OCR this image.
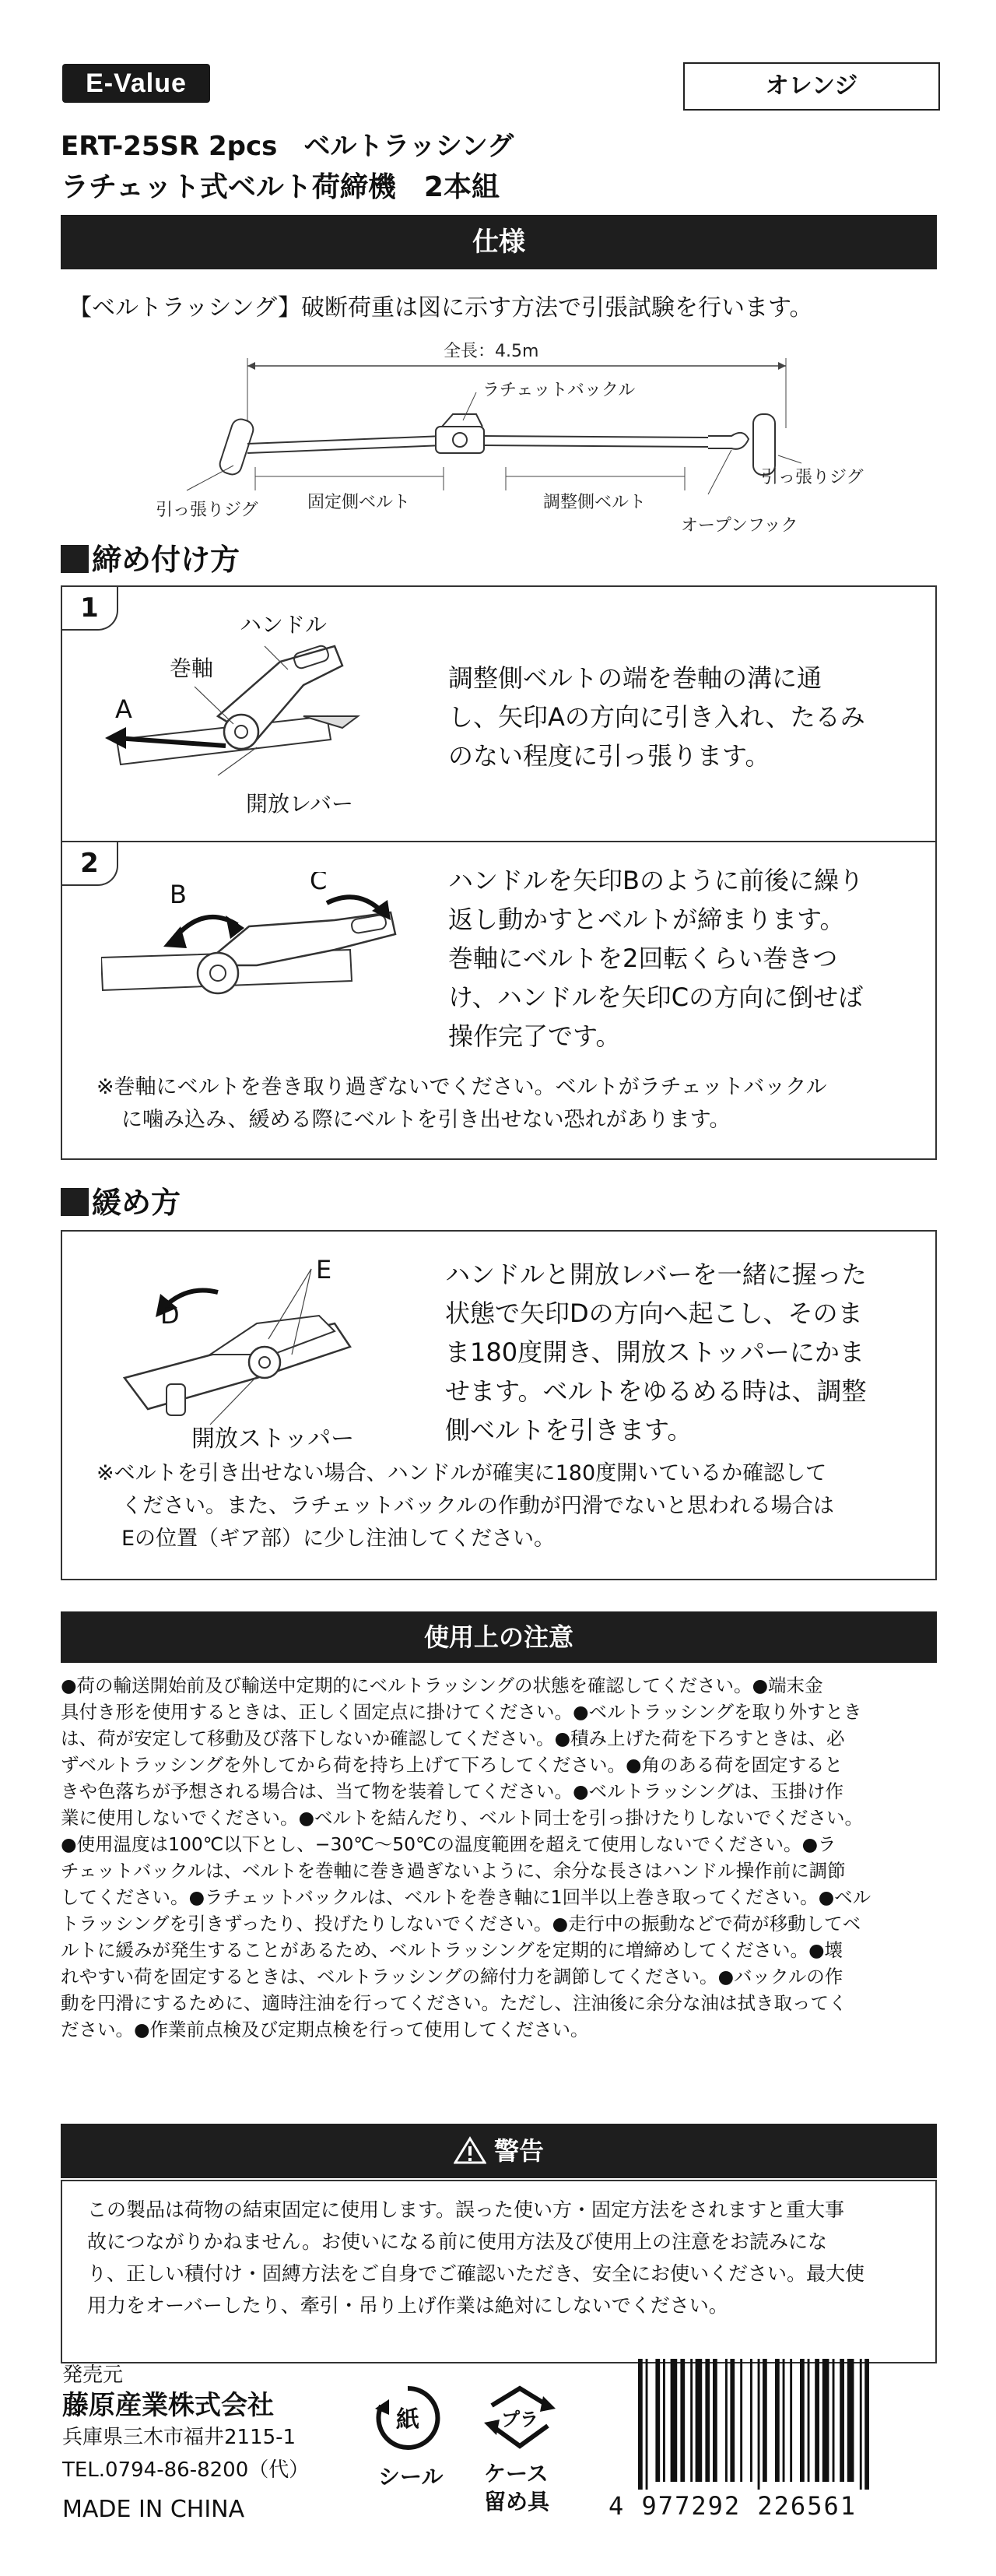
E-Value	オレンジ
ERT-25SR 2pcs　ベルトラッシング
ラチェット式ベルト荷締機　2本組
仕様
【ベルトラッシング】破断荷重は図に示す方法で引張試験を行います。
全長：4.5m
ラチェットバックル
引っ張りジグ	固定側ベルト	調整側ベルト
引っ張りジグ
オープンフック
締め付け方
1
巻軸
ハンドル
A
開放レバー
調整側ベルトの端を巻軸の溝に通
し、矢印Aの方向に引き入れ、たるみ
のない程度に引っ張ります。
2
B	C	ハンドルを矢印Bのように前後に繰り
返し動かすとベルトが締まります。
巻軸にベルトを2回転くらい巻きつ
け、ハンドルを矢印Cの方向に倒せば
操作完了です。
※巻軸にベルトを巻き取り過ぎないでください。ベルトがラチェットバックル
に噛み込み、緩める際にベルトを引き出せない恐れがあります。
緩め方
E
D
開放ストッパー
ハンドルと開放レバーを一緒に握った
状態で矢印Dの方向へ起こし、そのま
ま180度開き、開放ストッパーにかま
せます。ベルトをゆるめる時は、調整
側ベルトを引きます。
※ベルトを引き出せない場合、ハンドルが確実に180度開いているか確認して
ください。また、ラチェットバックルの作動が円滑でないと思われる場合は
Eの位置（ギア部）に少し注油してください。
使用上の注意
●荷の輸送開始前及び輸送中定期的にベルトラッシングの状態を確認してください。●端末金
具付き形を使用するときは、正しく固定点に掛けてください。●ベルトラッシングを取り外すとき
は、荷が安定して移動及び落下しないか確認してください。●積み上げた荷を下ろすときは、必
ずベルトラッシングを外してから荷を持ち上げて下ろしてください。●角のある荷を固定すると
きや色落ちが予想される場合は、当て物を装着してください。●ベルトラッシングは、玉掛け作
業に使用しないでください。●ベルトを結んだり、ベルト同士を引っ掛けたりしないでください。
●使用温度は100℃以下とし、−30℃〜50℃の温度範囲を超えて使用しないでください。●ラ
チェットバックルは、ベルトを巻軸に巻き過ぎないように、余分な長さはハンドル操作前に調節
してください。●ラチェットバックルは、ベルトを巻き軸に1回半以上巻き取ってください。●ベル
トラッシングを引きずったり、投げたりしないでください。●走行中の振動などで荷が移動してベ
ルトに緩みが発生することがあるため、ベルトラッシングを定期的に増締めしてください。●壊
れやすい荷を固定するときは、ベルトラッシングの締付力を調節してください。●バックルの作
動を円滑にするために、適時注油を行ってください。ただし、注油後に余分な油は拭き取ってく
ださい。●作業前点検及び定期点検を行って使用してください。
警告
この製品は荷物の結束固定に使用します。誤った使い方・固定方法をされますと重大事
故につながりかねません。お使いになる前に使用方法及び使用上の注意をお読みにな
り、正しい積付け・固縛方法をご自身でご確認いただき、安全にお使いください。最大使
用力をオーバーしたり、牽引・吊り上げ作業は絶対にしないでください。
発売元
藤原産業株式会社
兵庫県三木市福井2115-1
TEL.0794-86-8200（代）
MADE IN CHINA
紙
シール
プラ
ケース
留め具 4 977292 226561
